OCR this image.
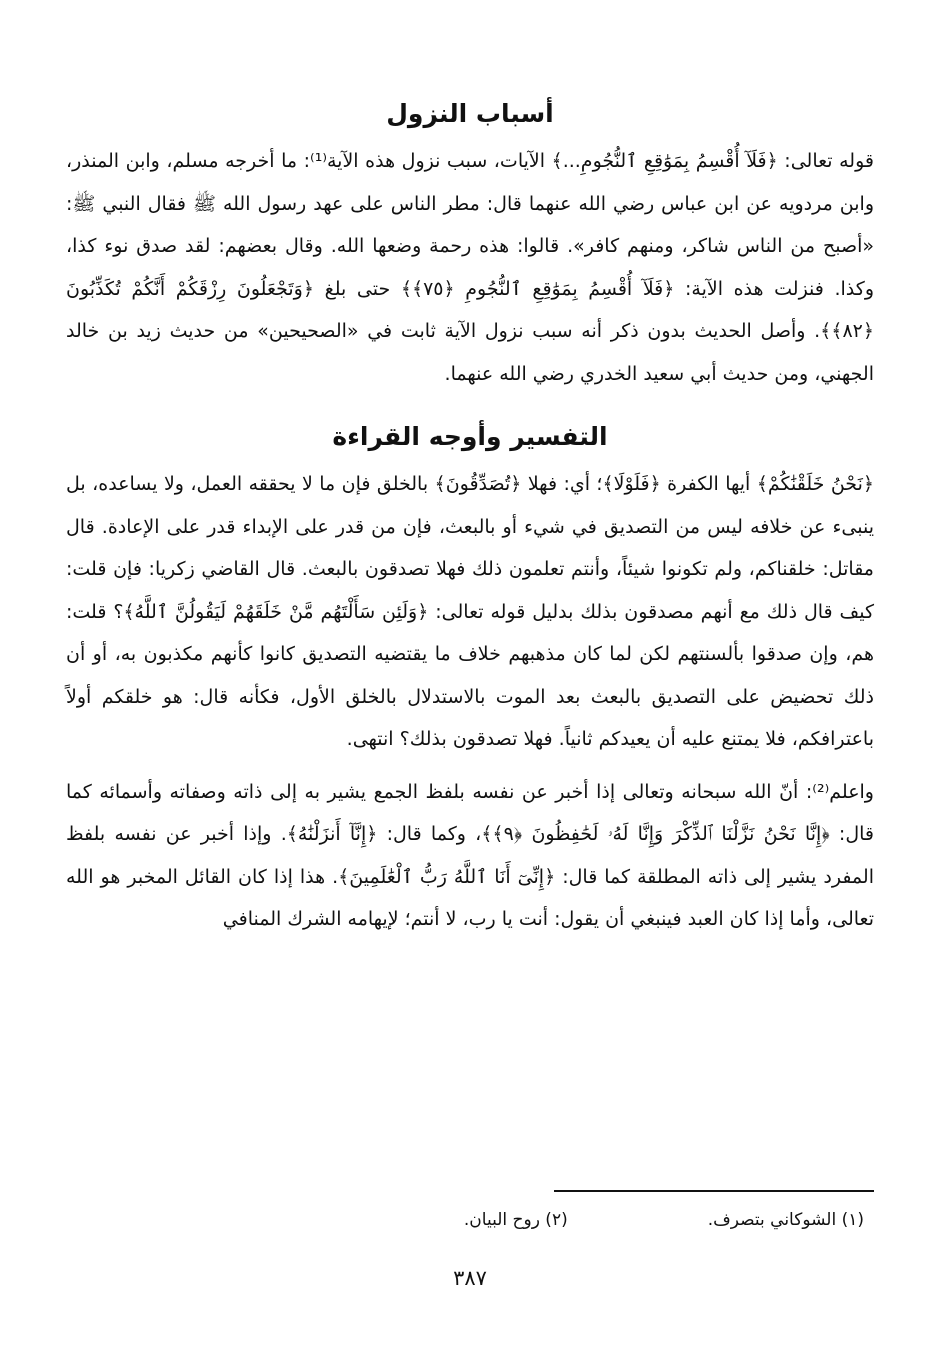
أسباب النزول

قوله تعالى: ﴿فَلَآ أُقْسِمُ بِمَوَٰقِعِ ٱلنُّجُومِ...﴾ الآيات، سبب نزول هذه الآية⁽¹⁾: ما أخرجه مسلم، وابن المنذر، وابن مردويه عن ابن عباس رضي الله عنهما قال: مطر الناس على عهد رسول الله ﷺ فقال النبي ﷺ: «أصبح من الناس شاكر، ومنهم كافر». قالوا: هذه رحمة وضعها الله. وقال بعضهم: لقد صدق نوء كذا، وكذا. فنزلت هذه الآية: ﴿فَلَآ أُقْسِمُ بِمَوَٰقِعِ ٱلنُّجُومِ ﴿٧٥﴾﴾ حتى بلغ ﴿وَتَجْعَلُونَ رِزْقَكُمْ أَنَّكُمْ تُكَذِّبُونَ ﴿٨٢﴾﴾. وأصل الحديث بدون ذكر أنه سبب نزول الآية ثابت في «الصحيحين» من حديث زيد بن خالد الجهني، ومن حديث أبي سعيد الخدري رضي الله عنهما.

التفسير وأوجه القراءة

﴿نَحْنُ خَلَقْنَٰكُمْ﴾ أيها الكفرة ﴿فَلَوْلَا﴾؛ أي: فهلا ﴿تُصَدِّقُونَ﴾ بالخلق فإن ما لا يحققه العمل، ولا يساعده، بل ينبىء عن خلافه ليس من التصديق في شيء أو بالبعث، فإن من قدر على الإبداء قدر على الإعادة. قال مقاتل: خلقناكم، ولم تكونوا شيئاً، وأنتم تعلمون ذلك فهلا تصدقون بالبعث. قال القاضي زكريا: فإن قلت: كيف قال ذلك مع أنهم مصدقون بذلك بدليل قوله تعالى: ﴿وَلَئِن سَأَلْتَهُم مَّنْ خَلَقَهُمْ لَيَقُولُنَّ ٱللَّهُ﴾؟ قلت: هم، وإن صدقوا بألسنتهم لكن لما كان مذهبهم خلاف ما يقتضيه التصديق كانوا كأنهم مكذبون به، أو أن ذلك تحضيض على التصديق بالبعث بعد الموت بالاستدلال بالخلق الأول، فكأنه قال: هو خلقكم أولاً باعترافكم، فلا يمتنع عليه أن يعيدكم ثانياً. فهلا تصدقون بذلك؟ انتهى.

واعلم⁽²⁾: أنّ الله سبحانه وتعالى إذا أخبر عن نفسه بلفظ الجمع يشير به إلى ذاته وصفاته وأسمائه كما قال: ﴿إِنَّا نَحْنُ نَزَّلْنَا ٱلذِّكْرَ وَإِنَّا لَهُۥ لَحَٰفِظُونَ ﴿٩﴾﴾، وكما قال: ﴿إِنَّآ أَنزَلْنَٰهُ﴾. وإذا أخبر عن نفسه بلفظ المفرد يشير إلى ذاته المطلقة كما قال: ﴿إِنِّىٓ أَنَا ٱللَّهُ رَبُّ ٱلْعَٰلَمِينَ﴾. هذا إذا كان القائل المخبر هو الله تعالى، وأما إذا كان العبد فينبغي أن يقول: أنت يا رب، لا أنتم؛ لإيهامه الشرك المنافي

(١) الشوكاني بتصرف.
(٢) روح البيان.
٣٨٧
